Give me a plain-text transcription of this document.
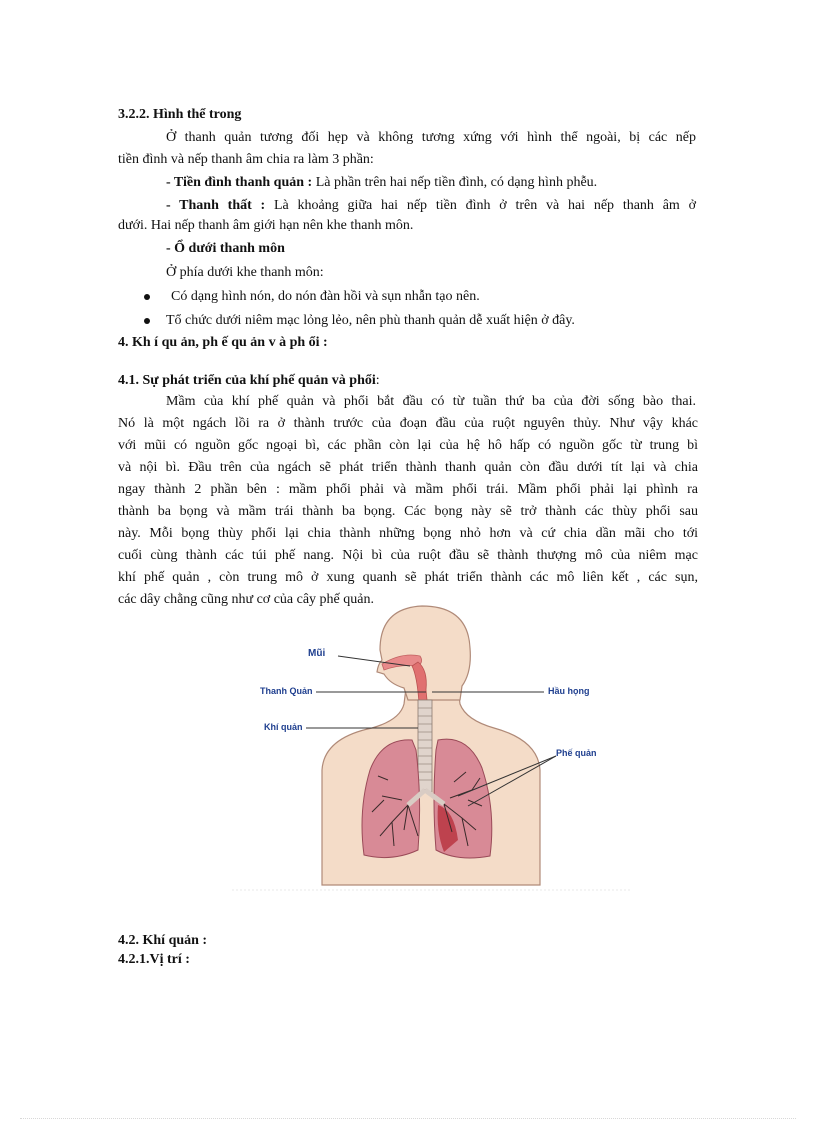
3.2.2. Hình thể trong
Ở thanh quản tương đối hẹp và không tương xứng với hình thể ngoài, bị các nếp
tiền đình và nếp thanh âm chia ra làm 3 phần:
- Tiền đình thanh quản : Là phần trên hai nếp tiền đình, có dạng hình phễu.
- Thanh thất : Là khoảng giữa hai nếp tiền đình ở trên và hai nếp thanh âm ở
dưới. Hai nếp thanh âm giới hạn nên khe thanh môn.
- Ổ dưới thanh môn
Ở phía dưới khe thanh môn:
Có dạng hình nón, do nón đàn hồi và sụn nhẫn tạo nên.
Tổ chức dưới niêm mạc lỏng lẻo, nên phù thanh quản dễ xuất hiện ở đây.
4. Kh í qu ản, ph ế qu ản v à ph ổi :
4.1. Sự phát triển của khí phế quản và phổi:
Mầm của khí phế quản và phổi bắt đầu có từ tuần thứ ba của đời sống bào thai.
Nó là một ngách lồi ra ở thành trước của đoạn đầu của ruột nguyên thủy. Như vậy khác
với mũi có nguồn gốc ngoại bì, các phần còn lại của hệ hô hấp có nguồn gốc từ trung bì
và nội bì. Đầu trên của ngách sẽ phát triển thành thanh quản còn đầu dưới tít lại và chia
ngay thành 2 phần bên : mầm phổi phải và mầm phổi trái. Mầm phổi phải lại phình ra
thành ba bọng và mầm trái thành ba bọng. Các bọng này sẽ trở thành các thùy phổi sau
này. Mỗi bọng thùy phổi lại chia thành những bọng nhỏ hơn và cứ chia dần mãi cho tới
cuối cùng thành các túi phế nang. Nội bì của ruột đầu sẽ thành thượng mô của niêm mạc
khí phế quản , còn trung mô ở xung quanh sẽ phát triển thành các mô liên kết , các sụn,
các dây chằng cũng như cơ của cây phế quản.
Mũi
Thanh Quản	Hầu họng
Khí quản
Phế quản
4.2. Khí quản :
4.2.1.Vị trí :
